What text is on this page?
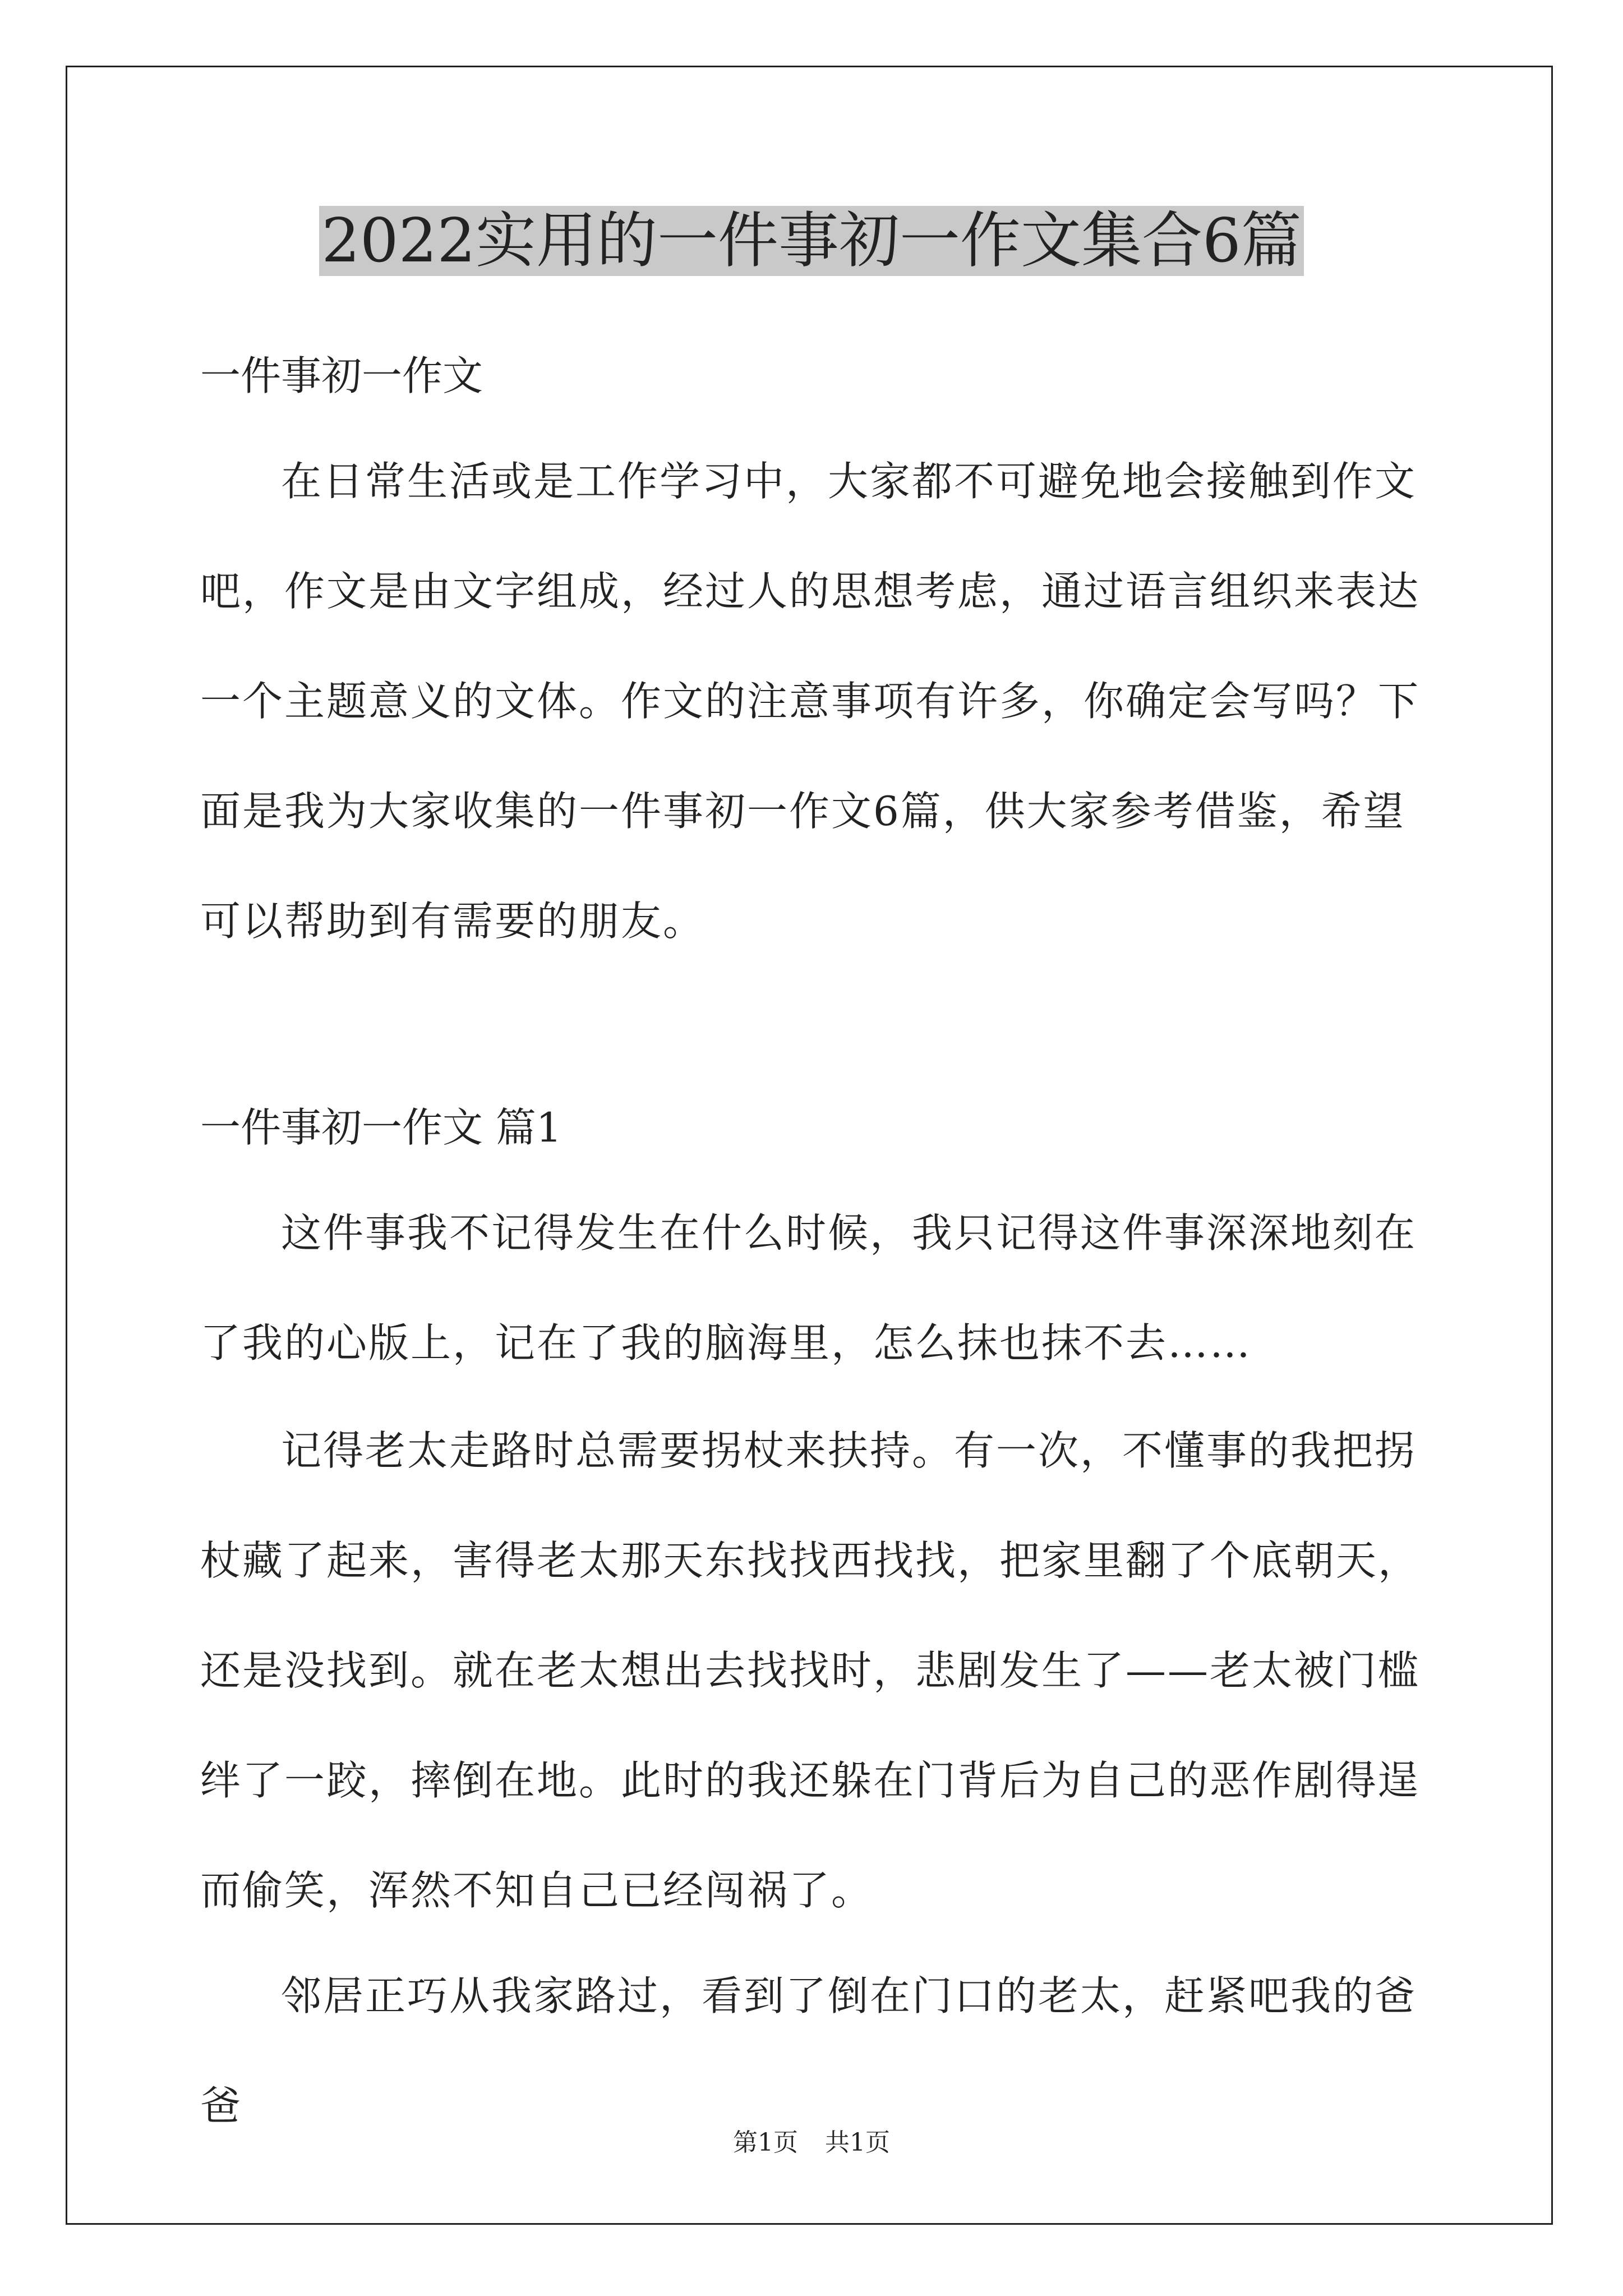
2022实用的一件事初一作文集合6篇
一件事初一作文

在日常生活或是工作学习中，大家都不可避免地会接触到作文吧，作文是由文字组成，经过人的思想考虑，通过语言组织来表达一个主题意义的文体。作文的注意事项有许多，你确定会写吗？下面是我为大家收集的一件事初一作文6篇，供大家参考借鉴，希望可以帮助到有需要的朋友。

一件事初一作文 篇1

这件事我不记得发生在什么时候，我只记得这件事深深地刻在了我的心版上，记在了我的脑海里，怎么抹也抹不去……

记得老太走路时总需要拐杖来扶持。有一次，不懂事的我把拐杖藏了起来，害得老太那天东找找西找找，把家里翻了个底朝天，还是没找到。就在老太想出去找找时，悲剧发生了——老太被门槛绊了一跤，摔倒在地。此时的我还躲在门背后为自己的恶作剧得逞而偷笑，浑然不知自己已经闯祸了。

邻居正巧从我家路过，看到了倒在门口的老太，赶紧吧我的爸爸

第1页 共1页
